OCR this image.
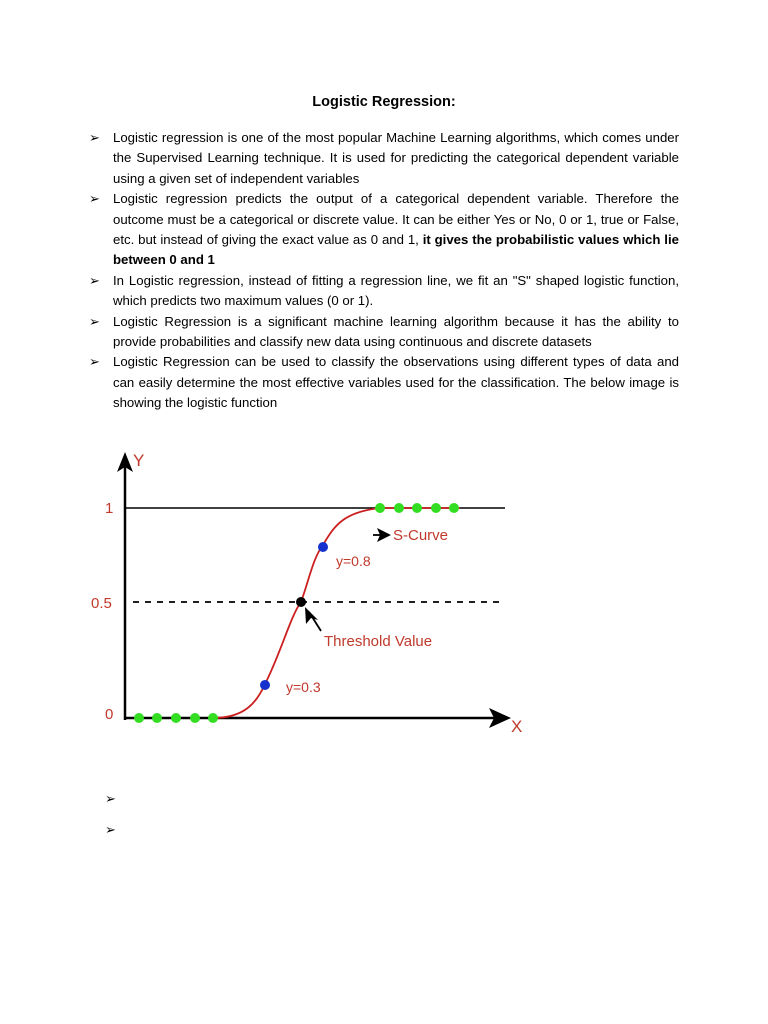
Logistic Regression:
➢ Logistic regression is one of the most popular Machine Learning algorithms, which comes under the Supervised Learning technique. It is used for predicting the categorical dependent variable using a given set of independent variables
➢ Logistic regression predicts the output of a categorical dependent variable. Therefore the outcome must be a categorical or discrete value. It can be either Yes or No, 0 or 1, true or False, etc. but instead of giving the exact value as 0 and 1, it gives the probabilistic values which lie between 0 and 1
➢ In Logistic regression, instead of fitting a regression line, we fit an "S" shaped logistic function, which predicts two maximum values (0 or 1).
➢ Logistic Regression is a significant machine learning algorithm because it has the ability to provide probabilities and classify new data using continuous and discrete datasets
➢ Logistic Regression can be used to classify the observations using different types of data and can easily determine the most effective variables used for the classification. The below image is showing the logistic function
Y
X
1
0.5
0
S-Curve
Threshold Value
y=0.8
y=0.3
➢
➢
